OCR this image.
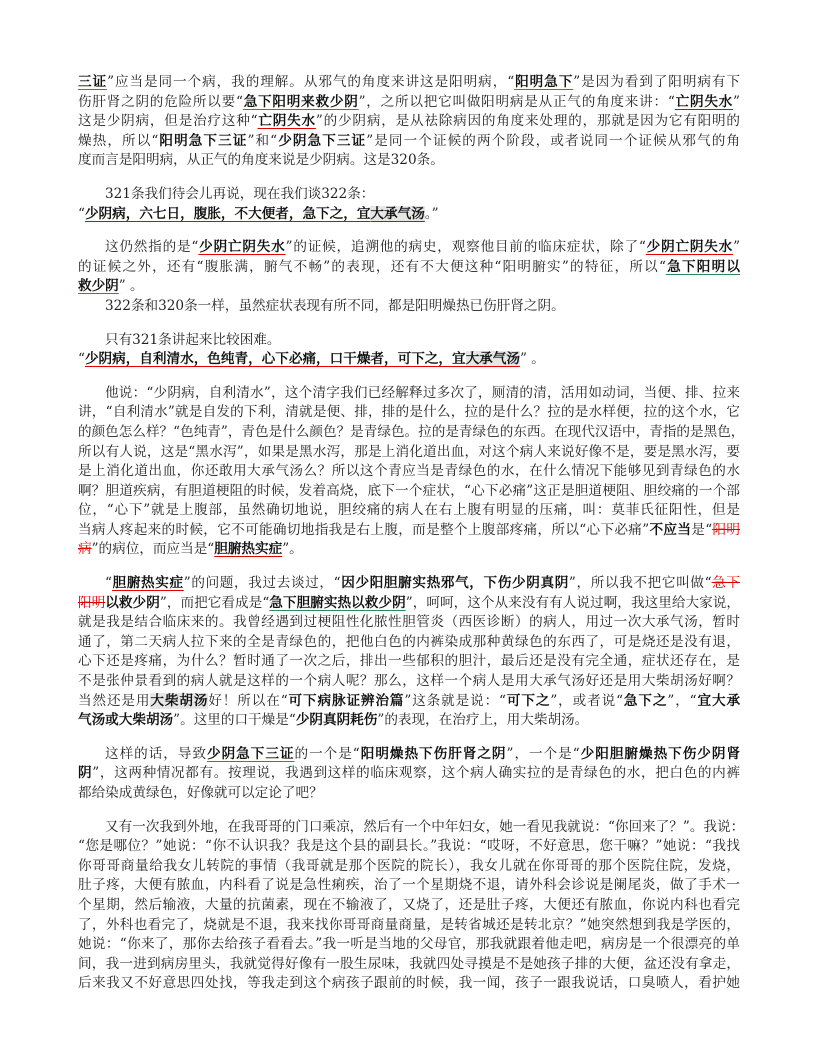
三证”应当是同一个病，我的理解。从邪气的角度来讲这是阳明病，“阳明急下”是因为看到了阳明病有下
伤肝肾之阴的危险所以要“急下阳明来救少阴”，之所以把它叫做阳明病是从正气的角度来讲：“亡阴失水”
这是少阴病，但是治疗这种“亡阴失水”的少阴病，是从祛除病因的角度来处理的，那就是因为它有阳明的
燥热，所以“阳明急下三证”和“少阴急下三证”是同一个证候的两个阶段，或者说同一个证候从邪气的角
度而言是阳明病，从正气的角度来说是少阴病。这是320条。
321条我们待会儿再说，现在我们谈322条：
“少阴病，六七日，腹胀，不大便者，急下之，宜大承气汤。”
这仍然指的是“少阴亡阴失水”的证候，追溯他的病史，观察他目前的临床症状，除了“少阴亡阴失水”
的证候之外，还有“腹胀满，腑气不畅”的表现，还有不大便这种“阳明腑实”的特征，所以“急下阳明以
救少阴” 。
322条和320条一样，虽然症状表现有所不同，都是阳明燥热已伤肝肾之阴。
只有321条讲起来比较困难。
“少阴病，自利清水，色纯青，心下必痛，口干燥者，可下之，宜大承气汤” 。
他说：“少阴病，自利清水”，这个清字我们已经解释过多次了，厕清的清，活用如动词，当便、排、拉来
讲，“自利清水”就是自发的下利，清就是便、排，排的是什么，拉的是什么？拉的是水样便，拉的这个水，它
的颜色怎么样？“色纯青”，青色是什么颜色？是青绿色。拉的是青绿色的东西。在现代汉语中，青指的是黑色，
所以有人说，这是“黑水泻”，如果是黑水泻，那是上消化道出血，对这个病人来说好像不是，要是黑水泻，要
是上消化道出血，你还敢用大承气汤么？所以这个青应当是青绿色的水，在什么情况下能够见到青绿色的水
啊？胆道疾病，有胆道梗阻的时候，发着高烧，底下一个症状，“心下必痛”这正是胆道梗阻、胆绞痛的一个部
位，“心下”就是上腹部，虽然确切地说，胆绞痛的病人在右上腹有明显的压痛，叫：莫菲氏征阳性，但是
当病人疼起来的时候，它不可能确切地指我是右上腹，而是整个上腹部疼痛，所以“心下必痛”不应当是“阳明
病”的病位，而应当是“胆腑热实症”。
“胆腑热实症”的问题，我过去谈过，“因少阳胆腑实热邪气，下伤少阴真阴”，所以我不把它叫做“急下
阳明以救少阴”，而把它看成是“急下胆腑实热以救少阴”，呵呵，这个从来没有有人说过啊，我这里给大家说，
就是我是结合临床来的。我曾经遇到过梗阻性化脓性胆管炎（西医诊断）的病人，用过一次大承气汤，暂时
通了，第二天病人拉下来的全是青绿色的，把他白色的内裤染成那种黄绿色的东西了，可是烧还是没有退，
心下还是疼痛，为什么？暂时通了一次之后，排出一些郁积的胆汁，最后还是没有完全通，症状还存在，是
不是张仲景看到的病人就是这样的一个病人呢？那么，这样一个病人是用大承气汤好还是用大柴胡汤好啊？
当然还是用大柴胡汤好！所以在“可下病脉证辨治篇”这条就是说：“可下之”，或者说“急下之”，“宜大承
气汤或大柴胡汤”。这里的口干燥是“少阴真阴耗伤”的表现，在治疗上，用大柴胡汤。
这样的话，导致少阴急下三证的一个是“阳明燥热下伤肝肾之阴”，一个是“少阳胆腑燥热下伤少阴肾
阴”，这两种情况都有。按理说，我遇到这样的临床观察，这个病人确实拉的是青绿色的水，把白色的内裤
都给染成黄绿色，好像就可以定论了吧？
又有一次我到外地，在我哥哥的门口乘凉，然后有一个中年妇女，她一看见我就说：“你回来了？”。我说：
“您是哪位？”她说：“你不认识我？我是这个县的副县长。”我说：“哎呀，不好意思，您干嘛？”她说：“我找
你哥哥商量给我女儿转院的事情（我哥就是那个医院的院长），我女儿就在你哥哥的那个医院住院，发烧，
肚子疼，大便有脓血，内科看了说是急性痢疾，治了一个星期烧不退，请外科会诊说是阑尾炎，做了手术一
个星期，然后输液，大量的抗菌素，现在不输液了，又烧了，还是肚子疼，大便还有脓血，你说内科也看完
了，外科也看完了，烧就是不退，我来找你哥哥商量商量，是转省城还是转北京？”她突然想到我是学医的，
她说：“你来了，那你去给孩子看看去。”我一听是当地的父母官，那我就跟着他走吧，病房是一个很漂亮的单
间，我一进到病房里头，我就觉得好像有一股生尿味，我就四处寻摸是不是她孩子排的大便，盆还没有拿走，
后来我又不好意思四处找，等我走到这个病孩子跟前的时候，我一闻，孩子一跟我说话，口臭喷人，看护她
